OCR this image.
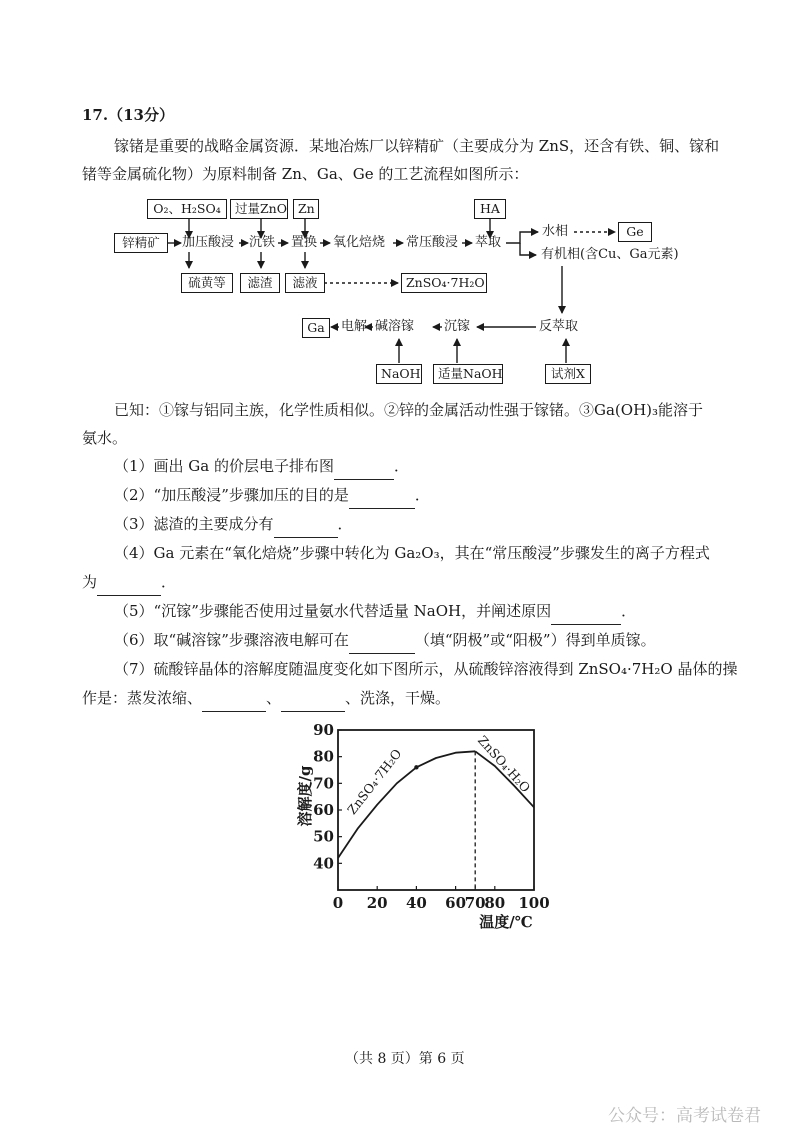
17.（13分）
镓锗是重要的战略金属资源．某地冶炼厂以锌精矿（主要成分为 ZnS，还含有铁、铜、镓和
锗等金属硫化物）为原料制备 Zn、Ga、Ge 的工艺流程如图所示：
O₂、H₂SO₄	过量ZnO Zn	HA
锌精矿	加压酸浸 沉铁 置换 氧化焙烧 常压酸浸 萃取
水相	Ge
有机相(含Cu、Ga元素)
硫黄等	滤渣	滤液	ZnSO₄·7H₂O
反萃取
沉镓
碱溶镓
电解
Ga
NaOH	适量NaOH	试剂X
已知：①镓与铝同主族，化学性质相似。②锌的金属活动性强于镓锗。③Ga(OH)₃能溶于
氨水。
（1）画出 Ga 的价层电子排布图	．
（2）“加压酸浸”步骤加压的目的是	．
（3）滤渣的主要成分有	．
（4）Ga 元素在“氧化焙烧”步骤中转化为 Ga₂O₃，其在“常压酸浸”步骤发生的离子方程式
为	．
（5）“沉镓”步骤能否使用过量氨水代替适量 NaOH，并阐述原因	．
（6）取“碱溶镓”步骤溶液电解可在	（填“阴极”或“阳极”）得到单质镓。
（7）硫酸锌晶体的溶解度随温度变化如下图所示，从硫酸锌溶液得到 ZnSO₄·7H₂O 晶体的操
作是：蒸发浓缩、	、	、洗涤，干燥。
0 20 40 60
70
80 100
40
50
60
70
80
90
ZnSO₄·7H₂O	ZnSO₄·H₂O
溶解度/g
温度/℃
（共 8 页）第 6 页
公众号：高考试卷君
